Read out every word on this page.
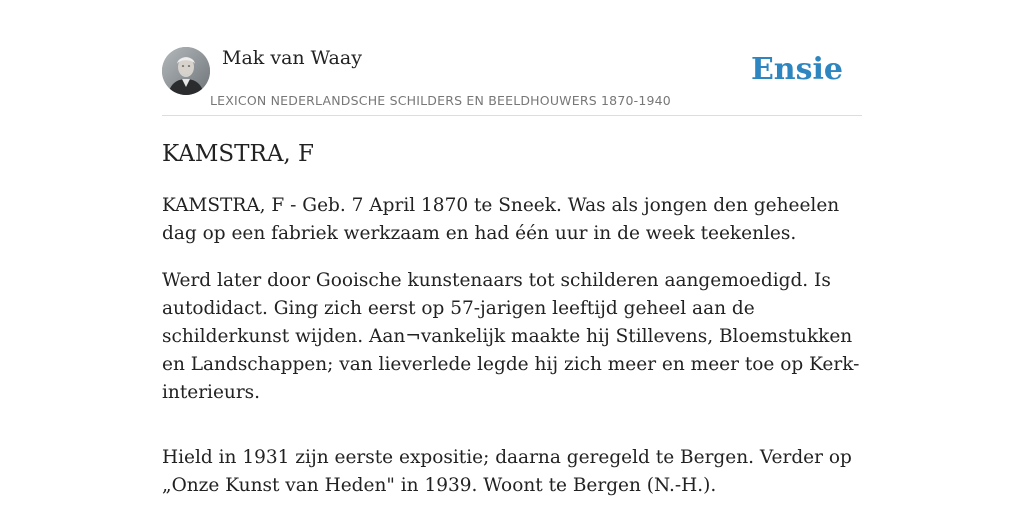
Mak van Waay
LEXICON NEDERLANDSCHE SCHILDERS EN BEELDHOUWERS 1870-1940
Ensie
KAMSTRA, F

KAMSTRA, F - Geb. 7 April 1870 te Sneek. Was als jongen den geheelen dag op een fabriek werkzaam en had één uur in de week teekenles.

Werd later door Gooische kunstenaars tot schilderen aangemoedigd. Is autodidact. Ging zich eerst op 57-jarigen leeftijd geheel aan de schilderkunst wijden. Aan¬vankelijk maakte hij Stillevens, Bloemstukken en Landschappen; van lieverlede legde hij zich meer en meer toe op Kerk-interieurs.

Hield in 1931 zijn eerste expositie; daarna geregeld te Bergen. Verder op „Onze Kunst van Heden" in 1939. Woont te Bergen (N.-H.).
